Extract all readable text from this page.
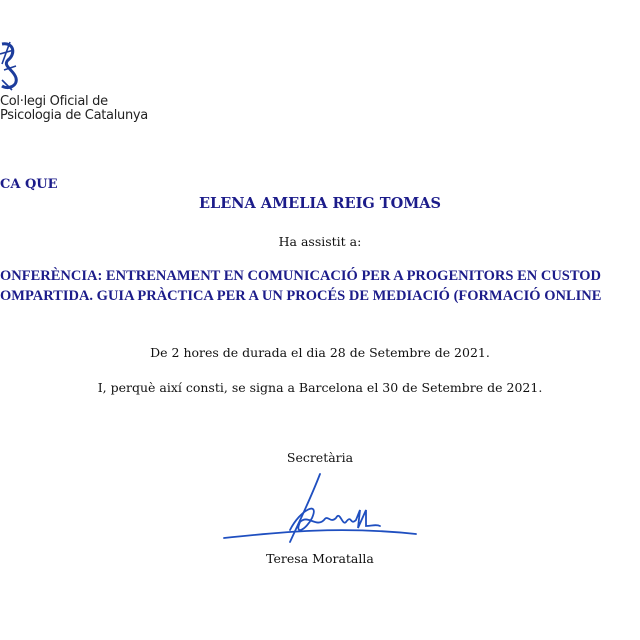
Col·legi Oficial de
Psicologia de Catalunya
CA QUE
ELENA AMELIA REIG TOMAS
Ha assistit a:
ONFERÈNCIA: ENTRENAMENT EN COMUNICACIÓ PER A PROGENITORS EN CUSTOD
OMPARTIDA. GUIA PRÀCTICA PER A UN PROCÉS DE MEDIACIÓ (FORMACIÓ ONLINE
De 2 hores de durada el dia 28 de Setembre de 2021.
I, perquè així consti, se signa a Barcelona el 30 de Setembre de 2021.
Secretària
Teresa Moratalla
